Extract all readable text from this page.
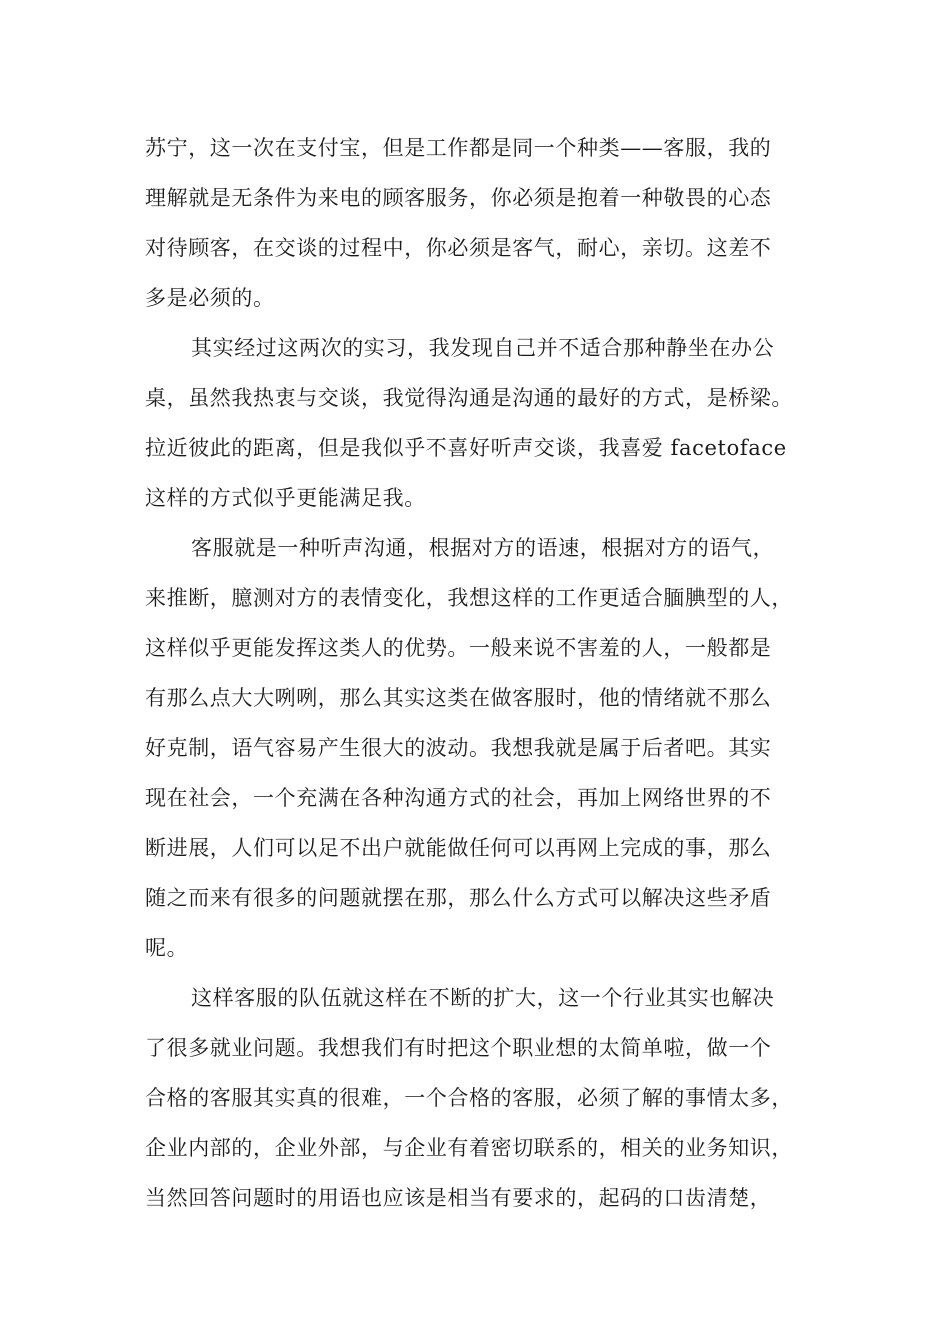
苏宁，这一次在支付宝，但是工作都是同一个种类——客服，我的
理解就是无条件为来电的顾客服务，你必须是抱着一种敬畏的心态
对待顾客，在交谈的过程中，你必须是客气，耐心，亲切。这差不
多是必须的。
其实经过这两次的实习，我发现自己并不适合那种静坐在办公
桌，虽然我热衷与交谈，我觉得沟通是沟通的最好的方式，是桥梁。
拉近彼此的距离，但是我似乎不喜好听声交谈，我喜爱 facetoface
这样的方式似乎更能满足我。
客服就是一种听声沟通，根据对方的语速，根据对方的语气，
来推断，臆测对方的表情变化，我想这样的工作更适合腼腆型的人，
这样似乎更能发挥这类人的优势。一般来说不害羞的人，一般都是
有那么点大大咧咧，那么其实这类在做客服时，他的情绪就不那么
好克制，语气容易产生很大的波动。我想我就是属于后者吧。其实
现在社会，一个充满在各种沟通方式的社会，再加上网络世界的不
断进展，人们可以足不出户就能做任何可以再网上完成的事，那么
随之而来有很多的问题就摆在那，那么什么方式可以解决这些矛盾
呢。
这样客服的队伍就这样在不断的扩大，这一个行业其实也解决
了很多就业问题。我想我们有时把这个职业想的太简单啦，做一个
合格的客服其实真的很难，一个合格的客服，必须了解的事情太多，
企业内部的，企业外部，与企业有着密切联系的，相关的业务知识，
当然回答问题时的用语也应该是相当有要求的，起码的口齿清楚，
